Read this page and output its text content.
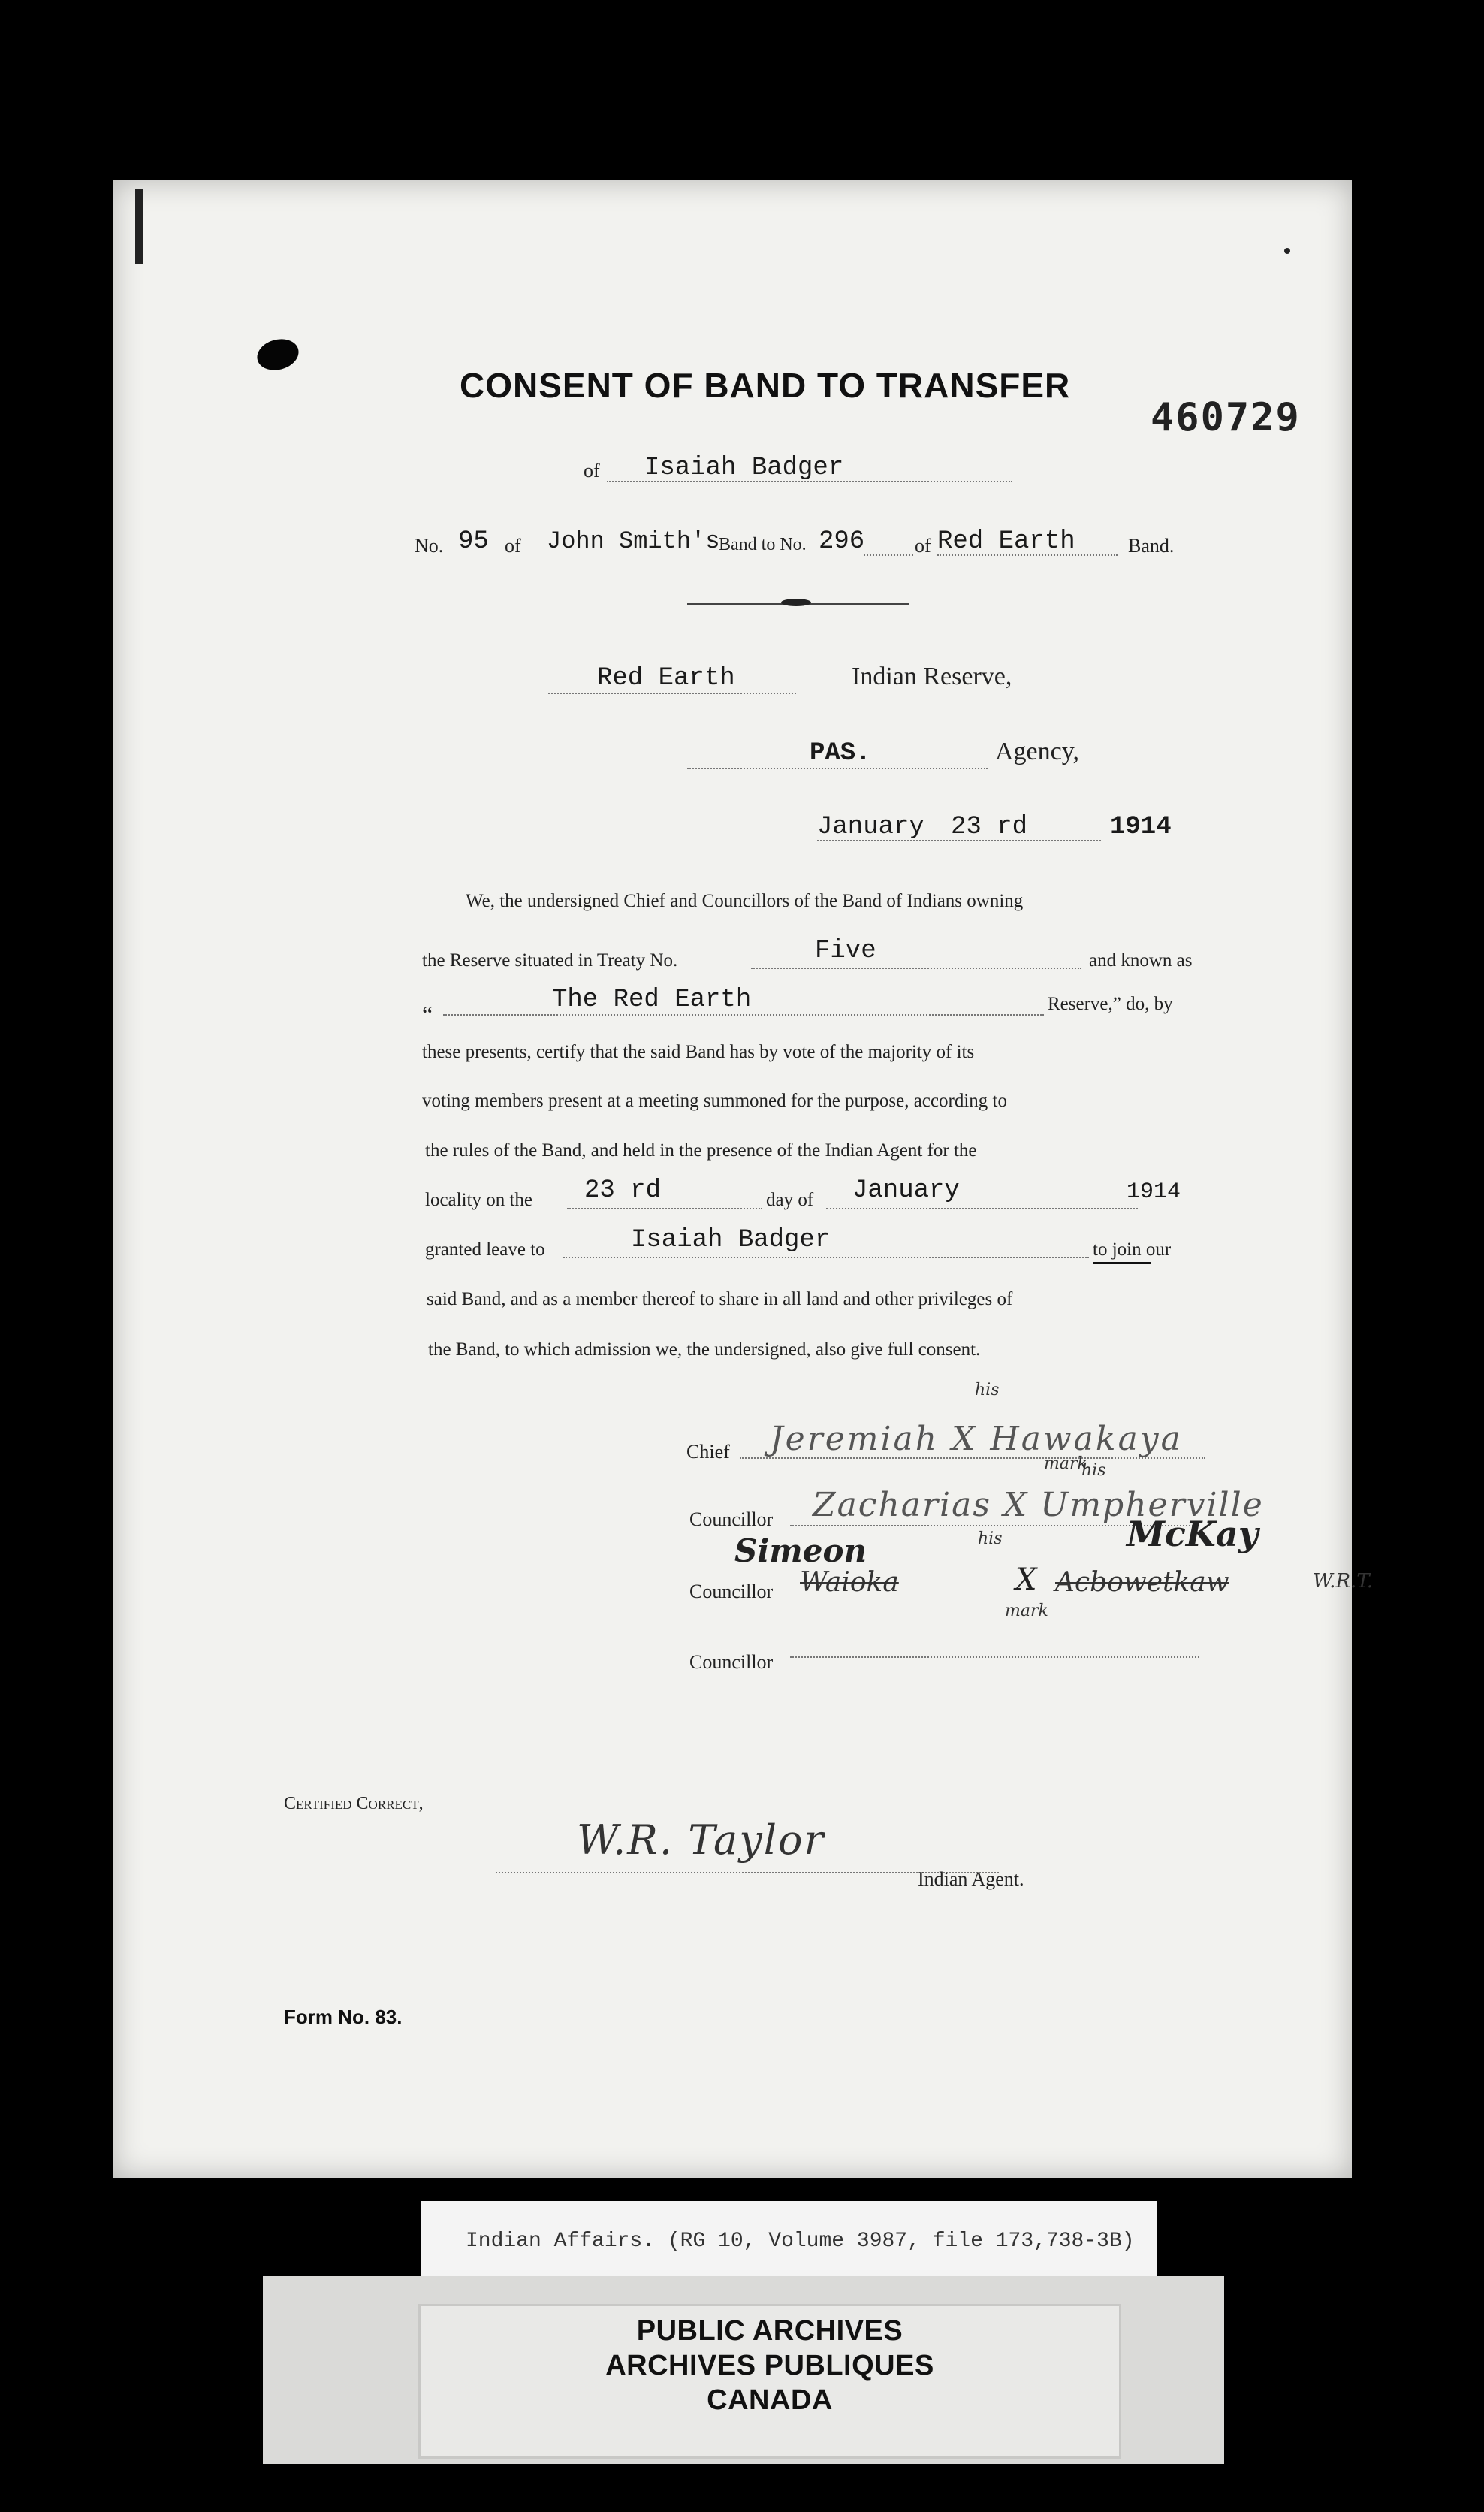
CONSENT OF BAND TO TRANSFER
460729
of Isaiah Badger
No. 95 of John Smith's
Band to No. 296	of Red Earth	Band.
Red Earth	Indian Reserve,
PAS.	Agency,
January 23 rd	1914
We, the undersigned Chief and Councillors of the Band of Indians owning
the Reserve situated in Treaty No.	Five	and known as
“	The Red Earth	Reserve,” do, by
these presents, certify that the said Band has by vote of the majority of its
voting members present at a meeting summoned for the purpose, according to
the rules of the Band, and held in the presence of the Indian Agent for the
locality on the 23 rd	day of January	1914
granted leave to	Isaiah Badger	to join our
said Band, and as a member thereof to share in all land and other privileges of
the Band, to which admission we, the undersigned, also give full consent.
Chief
his
Jeremiah X Hawakaya
mark
Councillor
his
Zacharias X Umpherville
Simeon	McKay
his
Councillor Waioka	X Acbowetkaw
mark
W.R.T.
Councillor
Certified Correct,
W.R. Taylor
Indian Agent.
Form No. 83.
Indian Affairs. (RG 10, Volume 3987, file 173,738-3B)
PUBLIC ARCHIVES
ARCHIVES PUBLIQUES
CANADA
